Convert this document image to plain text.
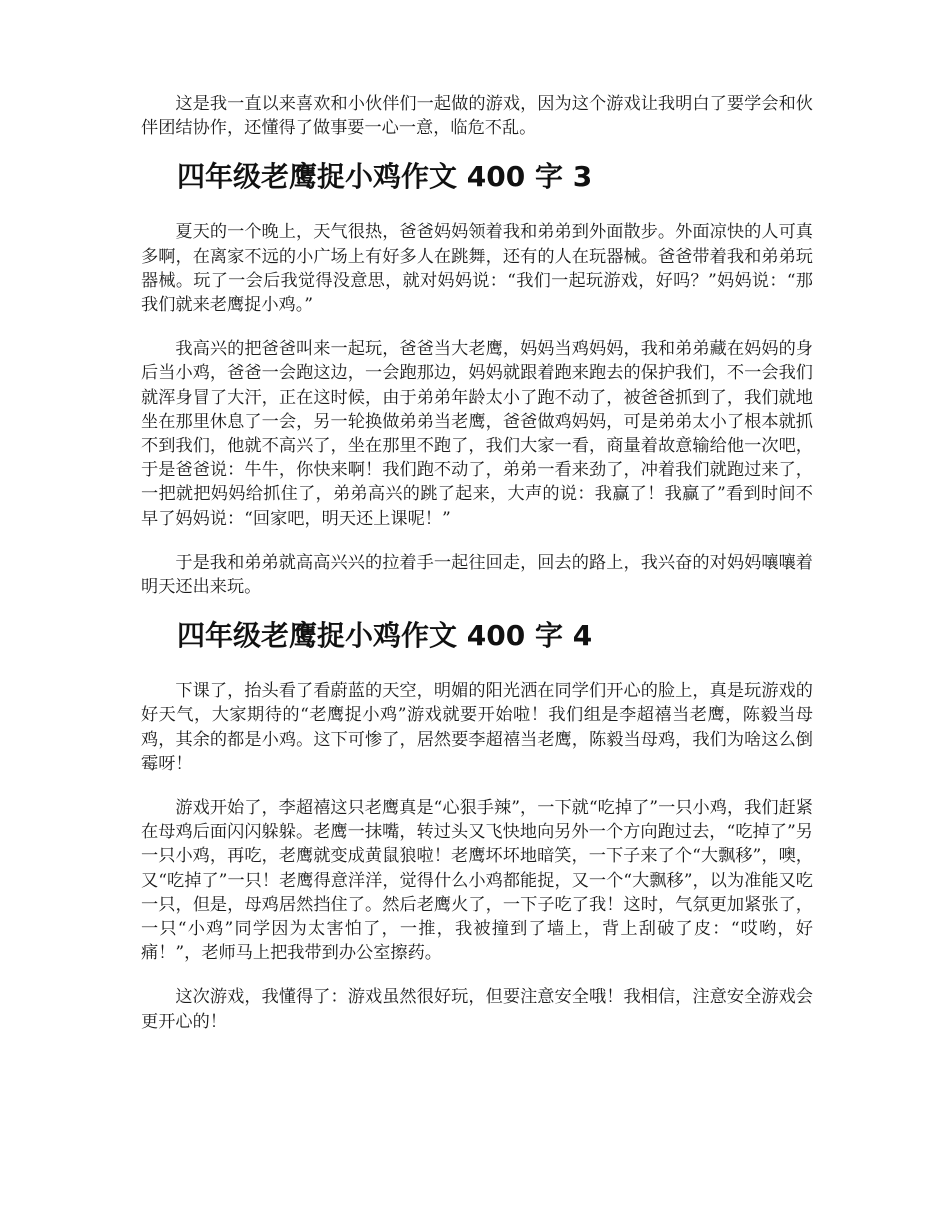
这是我一直以来喜欢和小伙伴们一起做的游戏，因为这个游戏让我明白了要学会和伙伴团结协作，还懂得了做事要一心一意，临危不乱。

四年级老鹰捉小鸡作文 400 字 3

夏天的一个晚上，天气很热，爸爸妈妈领着我和弟弟到外面散步。外面凉快的人可真多啊，在离家不远的小广场上有好多人在跳舞，还有的人在玩器械。爸爸带着我和弟弟玩器械。玩了一会后我觉得没意思，就对妈妈说：“我们一起玩游戏，好吗？”妈妈说：“那我们就来老鹰捉小鸡。”

我高兴的把爸爸叫来一起玩，爸爸当大老鹰，妈妈当鸡妈妈，我和弟弟藏在妈妈的身后当小鸡，爸爸一会跑这边，一会跑那边，妈妈就跟着跑来跑去的保护我们，不一会我们就浑身冒了大汗，正在这时候，由于弟弟年龄太小了跑不动了，被爸爸抓到了，我们就地坐在那里休息了一会，另一轮换做弟弟当老鹰，爸爸做鸡妈妈，可是弟弟太小了根本就抓不到我们，他就不高兴了，坐在那里不跑了，我们大家一看，商量着故意输给他一次吧，于是爸爸说：牛牛，你快来啊！我们跑不动了，弟弟一看来劲了，冲着我们就跑过来了，一把就把妈妈给抓住了，弟弟高兴的跳了起来，大声的说：我赢了！我赢了”看到时间不早了妈妈说：“回家吧，明天还上课呢！”

于是我和弟弟就高高兴兴的拉着手一起往回走，回去的路上，我兴奋的对妈妈嚷嚷着明天还出来玩。

四年级老鹰捉小鸡作文 400 字 4

下课了，抬头看了看蔚蓝的天空，明媚的阳光洒在同学们开心的脸上，真是玩游戏的好天气，大家期待的“老鹰捉小鸡”游戏就要开始啦！我们组是李超禧当老鹰，陈毅当母鸡，其余的都是小鸡。这下可惨了，居然要李超禧当老鹰，陈毅当母鸡，我们为啥这么倒霉呀！

游戏开始了，李超禧这只老鹰真是“心狠手辣”，一下就“吃掉了”一只小鸡，我们赶紧在母鸡后面闪闪躲躲。老鹰一抹嘴，转过头又飞快地向另外一个方向跑过去，“吃掉了”另一只小鸡，再吃，老鹰就变成黄鼠狼啦！老鹰坏坏地暗笑，一下子来了个“大飘移”，噢，又“吃掉了”一只！老鹰得意洋洋，觉得什么小鸡都能捉，又一个“大飘移”，以为准能又吃一只，但是，母鸡居然挡住了。然后老鹰火了，一下子吃了我！这时，气氛更加紧张了，一只“小鸡”同学因为太害怕了，一推，我被撞到了墙上，背上刮破了皮：“哎哟，好痛！”，老师马上把我带到办公室擦药。

这次游戏，我懂得了：游戏虽然很好玩，但要注意安全哦！我相信，注意安全游戏会更开心的！
